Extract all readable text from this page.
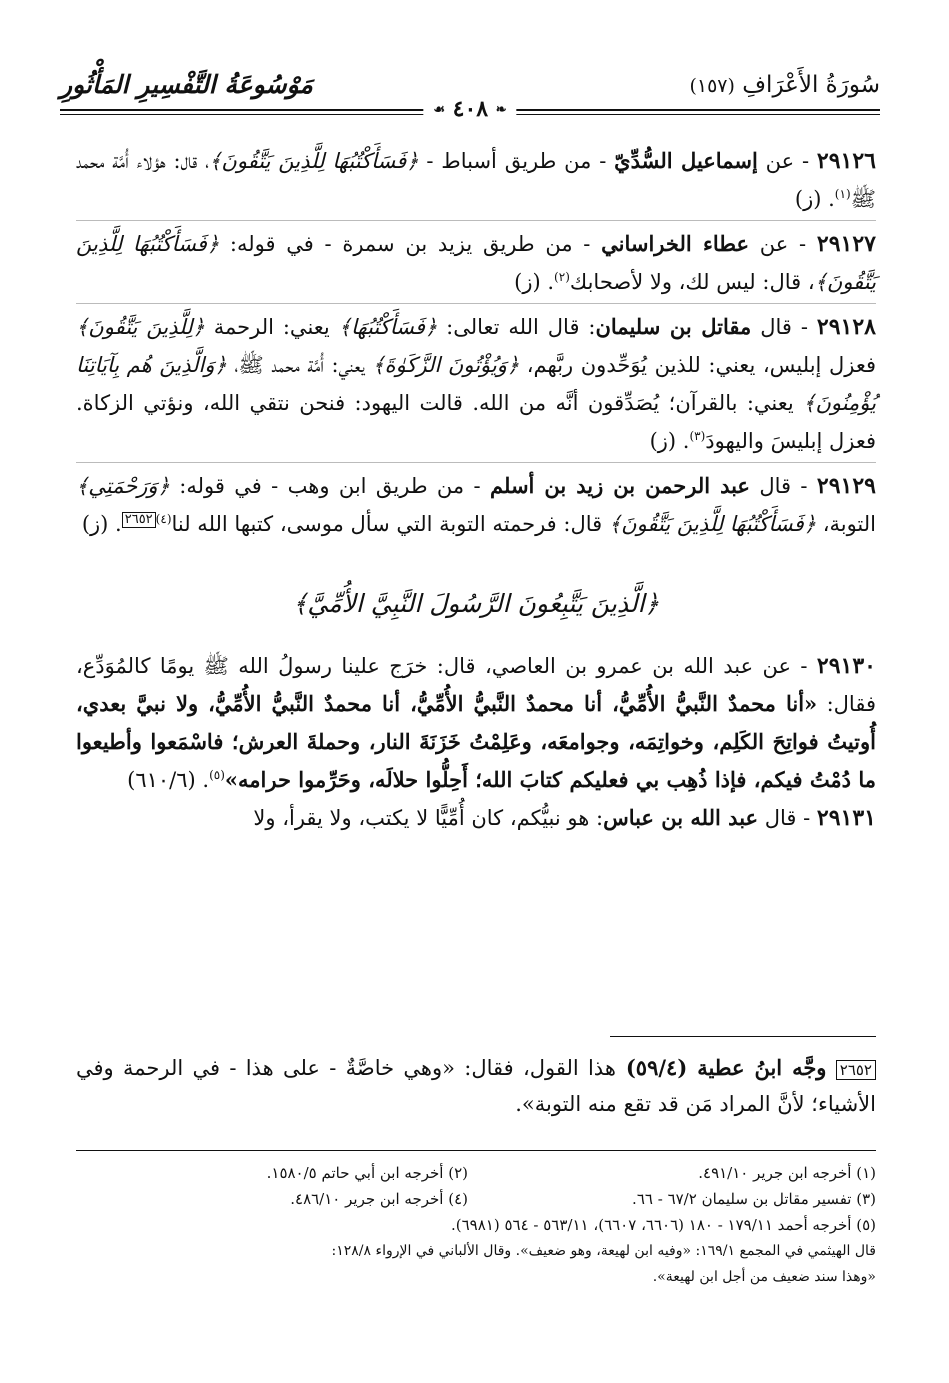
سُورَةُ الأَعْرَافِ (١٥٧)
مَوْسُوعَةُ التَّفْسِيرِ المَأْثُورِ
❧ ٤٠٨ ☙

٢٩١٢٦ - عن إسماعيل السُّدِّيّ - من طريق أسباط - ﴿فَسَأَكْتُبُهَا لِلَّذِينَ يَتَّقُونَ﴾، قال: هؤلاء أُمَّة محمد ﷺ$^{(١)}$. (ز)

٢٩١٢٧ - عن عطاء الخراساني - من طريق يزيد بن سمرة - في قوله: ﴿فَسَأَكْتُبُهَا لِلَّذِينَ يَتَّقُونَ﴾، قال: ليس لك، ولا لأصحابك$^{(٢)}$. (ز)

٢٩١٢٨ - قال مقاتل بن سليمان: قال الله تعالى: ﴿فَسَأَكْتُبُهَا﴾ يعني: الرحمة ﴿لِلَّذِينَ يَتَّقُونَ﴾ فعزل إبليس، يعني: للذين يُوَحِّدون ربَّهم، ﴿وَيُؤْتُونَ الزَّكَوٰةَ﴾ يعني: أُمَّة محمد ﷺ، ﴿وَالَّذِينَ هُم بِآيَاتِنَا يُؤْمِنُونَ﴾ يعني: بالقرآن؛ يُصَدِّقون أنَّه من الله. قالت اليهود: فنحن نتقي الله، ونؤتي الزكاة. فعزل إبليسَ واليهودَ$^{(٣)}$. (ز)

٢٩١٢٩ - قال عبد الرحمن بن زيد بن أسلم - من طريق ابن وهب - في قوله: ﴿وَرَحْمَتِي﴾ التوبة، ﴿فَسَأَكْتُبُهَا لِلَّذِينَ يَتَّقُونَ﴾ قال: فرحمته التوبة التي سأل موسى، كتبها الله لنا$^{(٤)}$٢٦٥٢. (ز)

﴿الَّذِينَ يَتَّبِعُونَ الرَّسُولَ النَّبِيَّ الأُمِّيَّ﴾

٢٩١٣٠ - عن عبد الله بن عمرو بن العاصي، قال: خرَج علينا رسولُ الله ﷺ يومًا كالمُوَدِّع، فقال: «أنا محمدٌ النَّبيُّ الأُمِّيُّ، أنا محمدٌ النَّبيُّ الأُمِّيُّ، أنا محمدٌ النَّبيُّ الأُمِّيُّ، ولا نبيَّ بعدي، أُوتيتُ فواتِحَ الكَلِم، وخواتِمَه، وجوامعَه، وعَلِمْتُ خَزَنَةَ النار، وحملةَ العرش؛ فاسْمَعوا وأطيعوا ما دُمْتُ فيكم، فإذا ذُهِب بي فعليكم كتابَ الله؛ أَحِلُّوا حلالَه، وحَرِّموا حرامه»$^{(٥)}$. (٦١٠/٦)

٢٩١٣١ - قال عبد الله بن عباس: هو نبيُّكم، كان أُمِّيًّا لا يكتب، ولا يقرأ، ولا

٢٦٥٢ وجَّه ابنُ عطية (٥٩/٤) هذا القول، فقال: «وهي خاصَّةٌ - على هذا - في الرحمة وفي الأشياء؛ لأنَّ المراد مَن قد تقع منه التوبة».
(١) أخرجه ابن جرير ٤٩١/١٠.
(٢) أخرجه ابن أبي حاتم ١٥٨٠/٥.
(٣) تفسير مقاتل بن سليمان ٦٧/٢ - ٦٦.
(٤) أخرجه ابن جرير ٤٨٦/١٠.
(٥) أخرجه أحمد ١٧٩/١١ - ١٨٠ (٦٦٠٦، ٦٦٠٧)، ٥٦٣/١١ - ٥٦٤ (٦٩٨١).
قال الهيثمي في المجمع ١٦٩/١: «وفيه ابن لهيعة، وهو ضعيف». وقال الألباني في الإرواء ١٢٨/٨:
«وهذا سند ضعيف من أجل ابن لهيعة».
